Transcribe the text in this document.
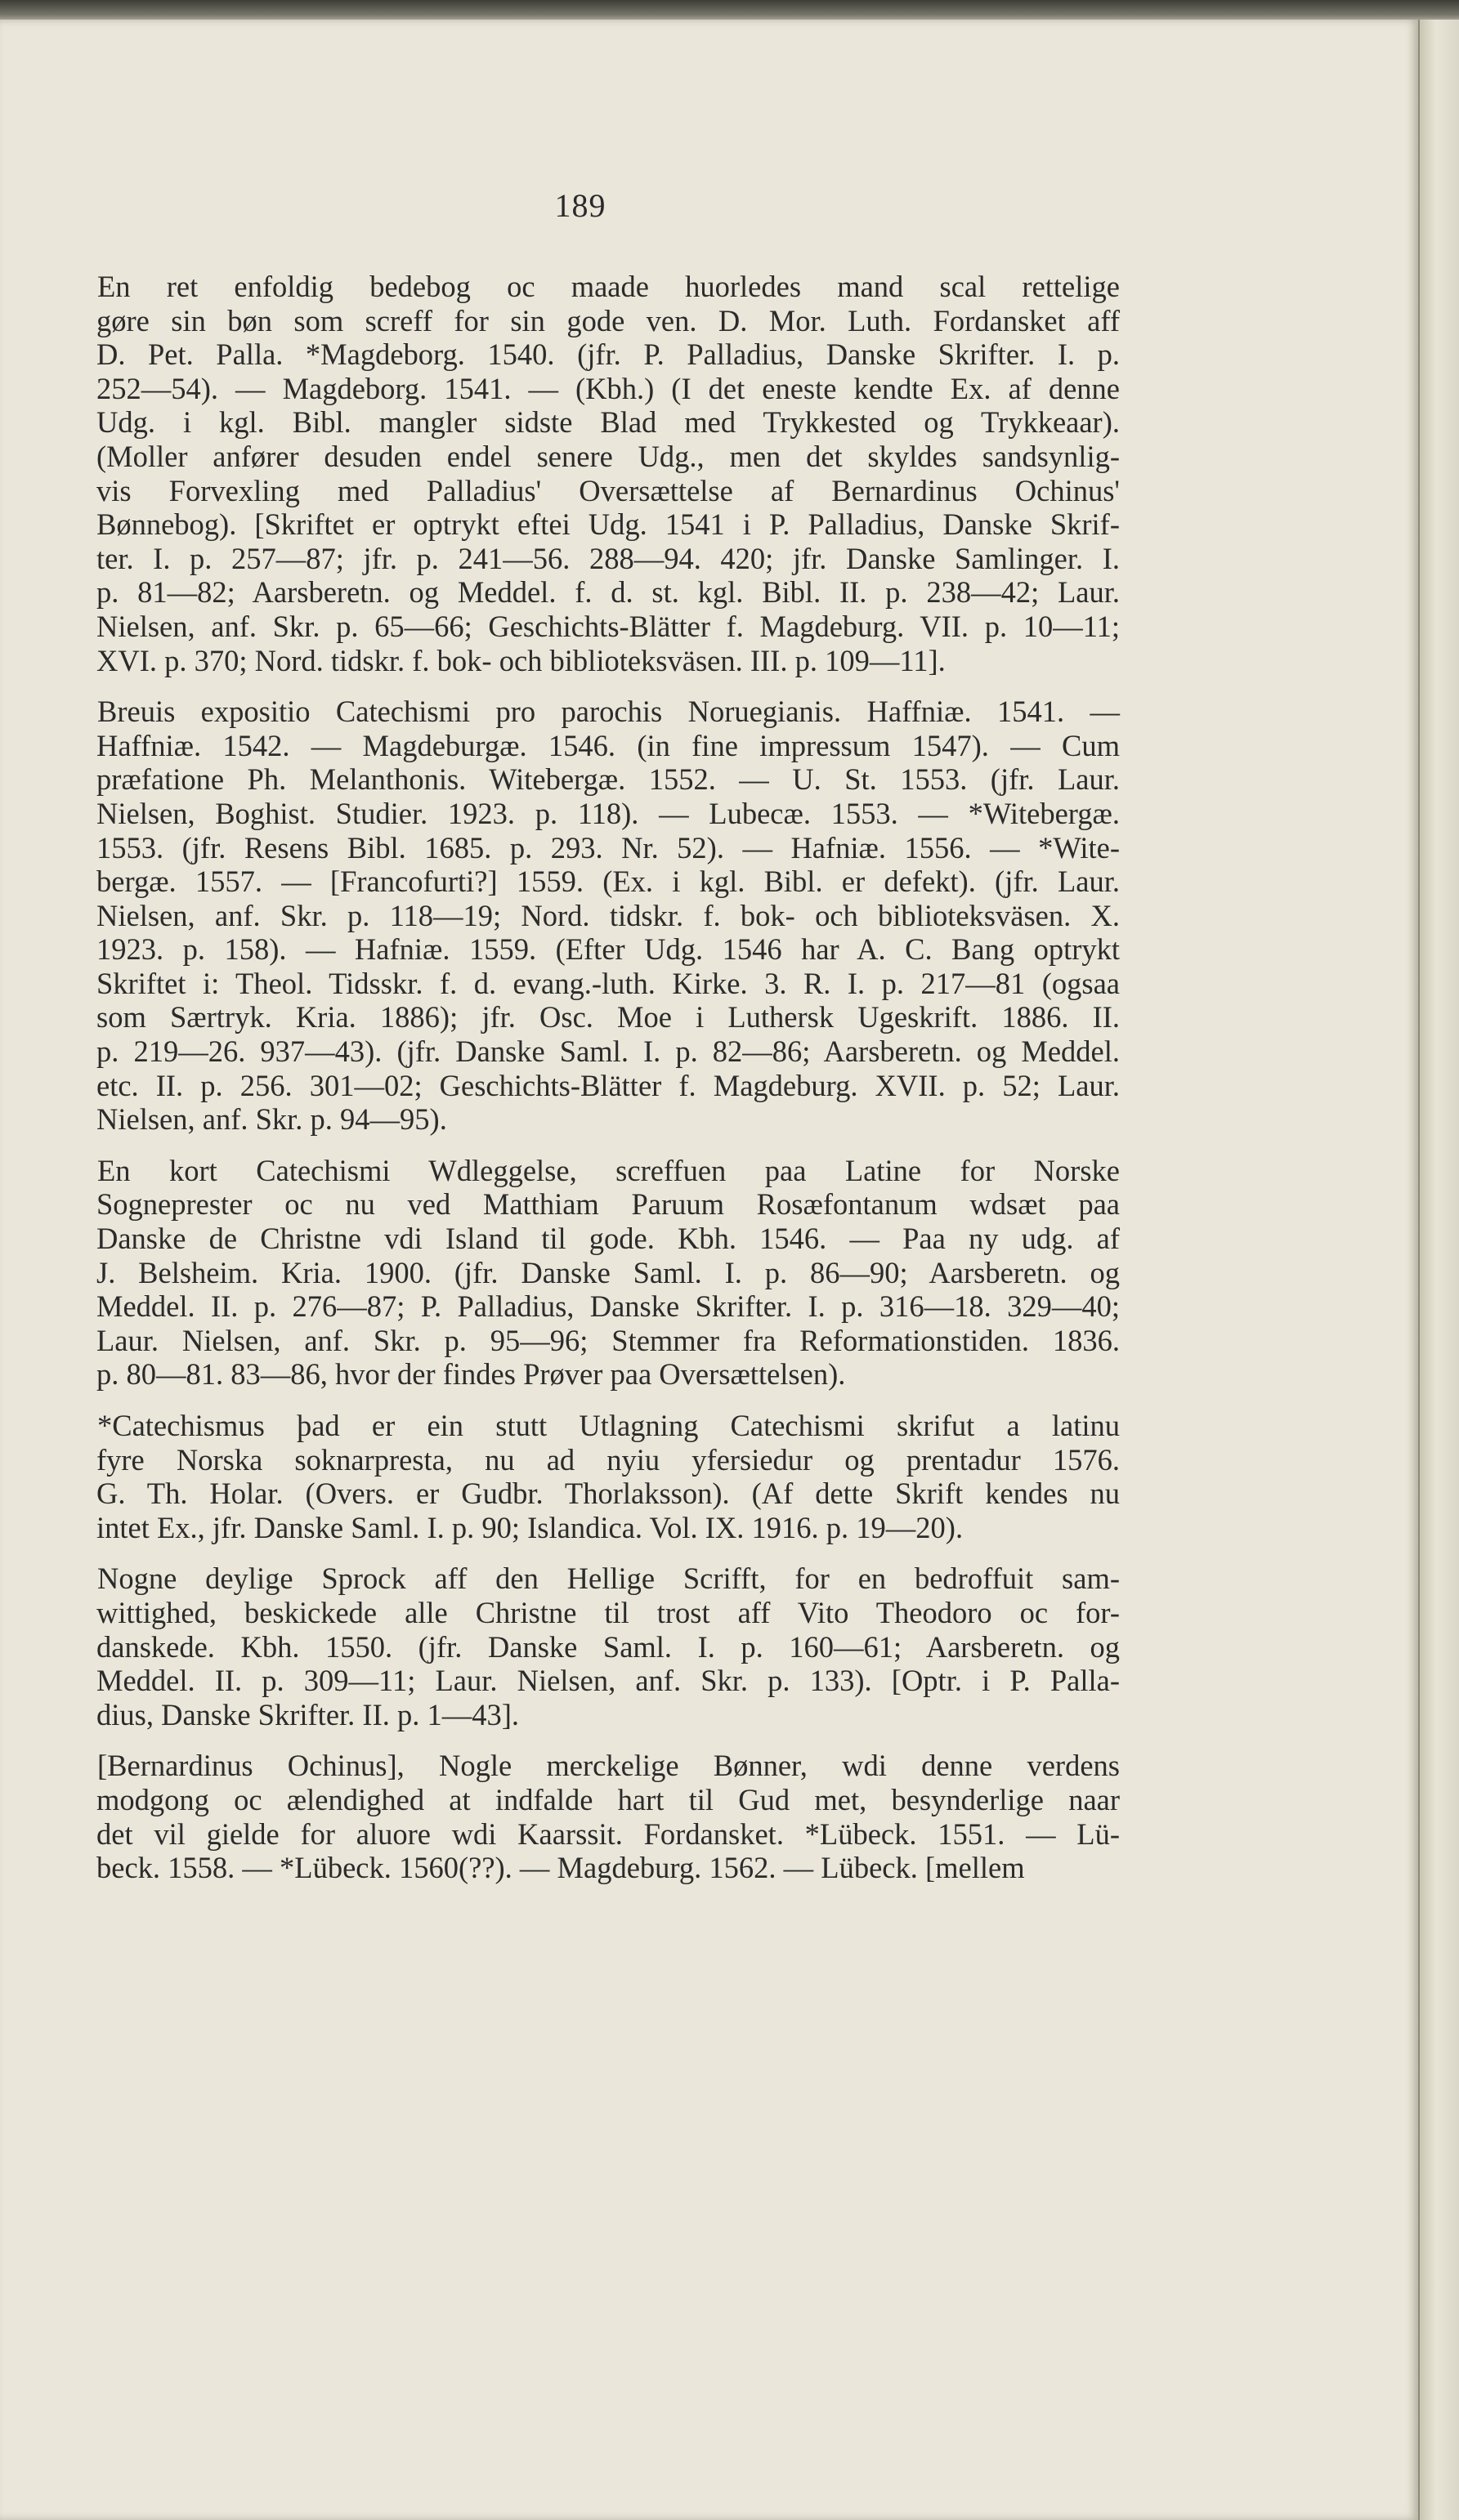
189
En ret enfoldig bedebog oc maade huorledes mand scal rettelige
gøre sin bøn som screff for sin gode ven. D. Mor. Luth. Fordansket aff
D. Pet. Palla. *Magdeborg. 1540. (jfr. P. Palladius, Danske Skrifter. I. p.
252—54). — Magdeborg. 1541. — (Kbh.) (I det eneste kendte Ex. af denne
Udg. i kgl. Bibl. mangler sidste Blad med Trykkested og Trykkeaar).
(Moller anfører desuden endel senere Udg., men det skyldes sandsynlig-
vis Forvexling med Palladius' Oversættelse af Bernardinus Ochinus'
Bønnebog). [Skriftet er optrykt eftei Udg. 1541 i P. Palladius, Danske Skrif-
ter. I. p. 257—87; jfr. p. 241—56. 288—94. 420; jfr. Danske Samlinger. I.
p. 81—82; Aarsberetn. og Meddel. f. d. st. kgl. Bibl. II. p. 238—42; Laur.
Nielsen, anf. Skr. p. 65—66; Geschichts-Blätter f. Magdeburg. VII. p. 10—11;
XVI. p. 370; Nord. tidskr. f. bok- och biblioteksväsen. III. p. 109—11].
Breuis expositio Catechismi pro parochis Noruegianis. Haffniæ. 1541. —
Haffniæ. 1542. — Magdeburgæ. 1546. (in fine impressum 1547). — Cum
præfatione Ph. Melanthonis. Witebergæ. 1552. — U. St. 1553. (jfr. Laur.
Nielsen, Boghist. Studier. 1923. p. 118). — Lubecæ. 1553. — *Witebergæ.
1553. (jfr. Resens Bibl. 1685. p. 293. Nr. 52). — Hafniæ. 1556. — *Wite-
bergæ. 1557. — [Francofurti?] 1559. (Ex. i kgl. Bibl. er defekt). (jfr. Laur.
Nielsen, anf. Skr. p. 118—19; Nord. tidskr. f. bok- och biblioteksväsen. X.
1923. p. 158). — Hafniæ. 1559. (Efter Udg. 1546 har A. C. Bang optrykt
Skriftet i: Theol. Tidsskr. f. d. evang.-luth. Kirke. 3. R. I. p. 217—81 (ogsaa
som Særtryk. Kria. 1886); jfr. Osc. Moe i Luthersk Ugeskrift. 1886. II.
p. 219—26. 937—43). (jfr. Danske Saml. I. p. 82—86; Aarsberetn. og Meddel.
etc. II. p. 256. 301—02; Geschichts-Blätter f. Magdeburg. XVII. p. 52; Laur.
Nielsen, anf. Skr. p. 94—95).
En kort Catechismi Wdleggelse, screffuen paa Latine for Norske
Sogneprester oc nu ved Matthiam Paruum Rosæfontanum wdsæt paa
Danske de Christne vdi Island til gode. Kbh. 1546. — Paa ny udg. af
J. Belsheim. Kria. 1900. (jfr. Danske Saml. I. p. 86—90; Aarsberetn. og
Meddel. II. p. 276—87; P. Palladius, Danske Skrifter. I. p. 316—18. 329—40;
Laur. Nielsen, anf. Skr. p. 95—96; Stemmer fra Reformationstiden. 1836.
p. 80—81. 83—86, hvor der findes Prøver paa Oversættelsen).
*Catechismus þad er ein stutt Utlagning Catechismi skrifut a latinu
fyre Norska soknarpresta, nu ad nyiu yfersiedur og prentadur 1576.
G. Th. Holar. (Overs. er Gudbr. Thorlaksson). (Af dette Skrift kendes nu
intet Ex., jfr. Danske Saml. I. p. 90; Islandica. Vol. IX. 1916. p. 19—20).
Nogne deylige Sprock aff den Hellige Scrifft, for en bedroffuit sam-
wittighed, beskickede alle Christne til trost aff Vito Theodoro oc for-
danskede. Kbh. 1550. (jfr. Danske Saml. I. p. 160—61; Aarsberetn. og
Meddel. II. p. 309—11; Laur. Nielsen, anf. Skr. p. 133). [Optr. i P. Palla-
dius, Danske Skrifter. II. p. 1—43].
[Bernardinus Ochinus], Nogle merckelige Bønner, wdi denne verdens
modgong oc ælendighed at indfalde hart til Gud met, besynderlige naar
det vil gielde for aluore wdi Kaarssit. Fordansket. *Lübeck. 1551. — Lü-
beck. 1558. — *Lübeck. 1560(??). — Magdeburg. 1562. — Lübeck. [mellem
